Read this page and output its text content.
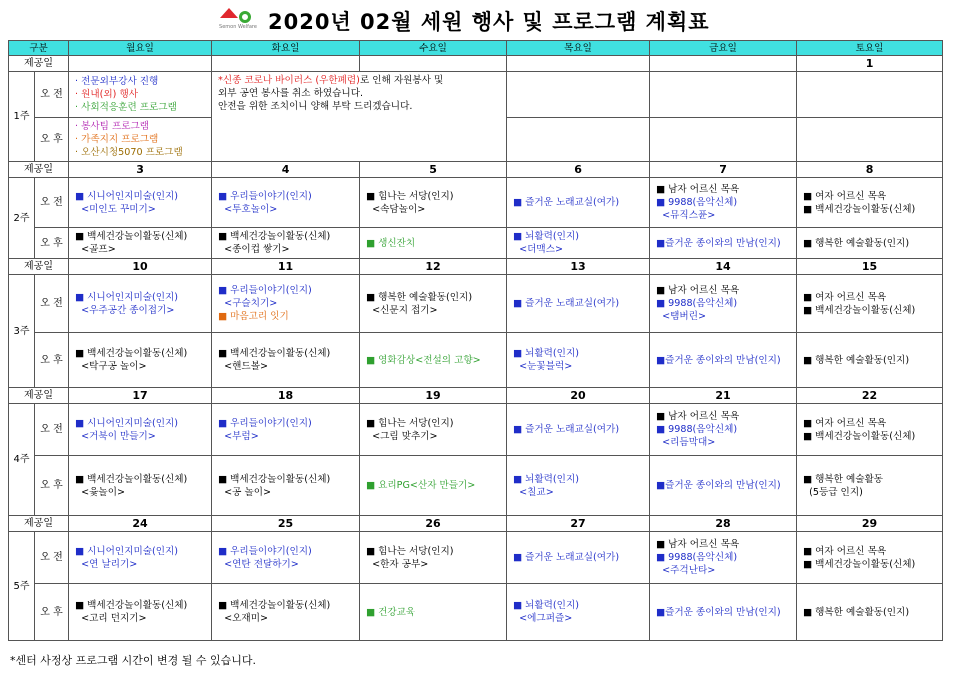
Semon Welfare 2020년 02월 세원 행사 및 프로그램 계획표
구분		월요일	화요일	수요일	목요일	금요일	토요일	
제공일							1	
1주	오 전	· 전문외부강사 진행
· 원내(외) 행사
· 사회적응훈련 프로그램	*신종 코로나 바이러스 (우한폐렴)로 인해 자원봉사 및
외부 공연 봉사를 취소 하였습니다.
안전을 위한 조치이니 양해 부탁 드리겠습니다.

	오 후	· 봉사팀 프로그램
· 가족지지 프로그램
· 오산시청5070 프로그램

제공일		3	4	5	6	7	8	
2주	오 전	■ 시니어인지미술(인지)
<미인도 꾸미기>	■ 우리들이야기(인지)
<투호놀이>	■ 힘나는 서당(인지)
<속담놀이>	■ 즐거운 노래교실(여가)	■ 남자 어르신 목욕
■ 9988(음악신체)
<뮤직스퓬>	■ 여자 어르신 목욕
■ 백세건강놀이활동(신체)	

	오 후	■ 백세건강놀이활동(신체)
<골프>	■ 백세건강놀이활동(신체)
<종이컵 쌓기>	■ 생신잔치	■ 뇌활력(인지)
<더맥스>	■즐거운 종이와의 만남(인지)	■ 행복한 예술활동(인지)	

제공일		10	11	12	13	14	15	
3주	오 전	■ 시니어인지미술(인지)
<우주공간 종이접기>	■ 우리들이야기(인지)
<구슬치기>
■ 마음고리 잇기	■ 행복한 예술활동(인지)
<신문지 접기>	■ 즐거운 노래교실(여가)	■ 남자 어르신 목욕
■ 9988(음악신체)
<탬버린>	■ 여자 어르신 목욕
■ 백세건강놀이활동(신체)	

	오 후	■ 백세건강놀이활동(신체)
<탁구공 놀이>	■ 백세건강놀이활동(신체)
<핸드볼>	■ 영화감상<전설의 고향>	■ 뇌활력(인지)
<눈꽃블럭>	■즐거운 종이와의 만남(인지)	■ 행복한 예술활동(인지)	

제공일		17	18	19	20	21	22	
4주	오 전	■ 시니어인지미술(인지)
<거북이 만들기>	■ 우리들이야기(인지)
<부럼>	■ 힘나는 서당(인지)
<그림 맞추기>	■ 즐거운 노래교실(여가)	■ 남자 어르신 목욕
■ 9988(음악신체)
<리듬막대>	■ 여자 어르신 목욕
■ 백세건강놀이활동(신체)	

	오 후	■ 백세건강놀이활동(신체)
<윷놀이>	■ 백세건강놀이활동(신체)
<공 놀이>	■ 요리PG<산자 만들기>	■ 뇌활력(인지)
<칠교>	■즐거운 종이와의 만남(인지)	■ 행복한 예술활동
(5등급 인지)	

제공일		24	25	26	27	28	29	
5주	오 전	■ 시니어인지미술(인지)
<연 날리기>	■ 우리들이야기(인지)
<연탄 전달하기>	■ 힘나는 서당(인지)
<한자 공부>	■ 즐거운 노래교실(여가)	■ 남자 어르신 목욕
■ 9988(음악신체)
<주걱난타>	■ 여자 어르신 목욕
■ 백세건강놀이활동(신체)	

	오 후	■ 백세건강놀이활동(신체)
<고리 던지기>	■ 백세건강놀이활동(신체)
<오재미>	■ 건강교육	■ 뇌활력(인지)
<에그퍼즐>	■즐거운 종이와의 만남(인지)	■ 행복한 예술활동(인지)	
*센터 사정상 프로그램 시간이 변경 될 수 있습니다.
